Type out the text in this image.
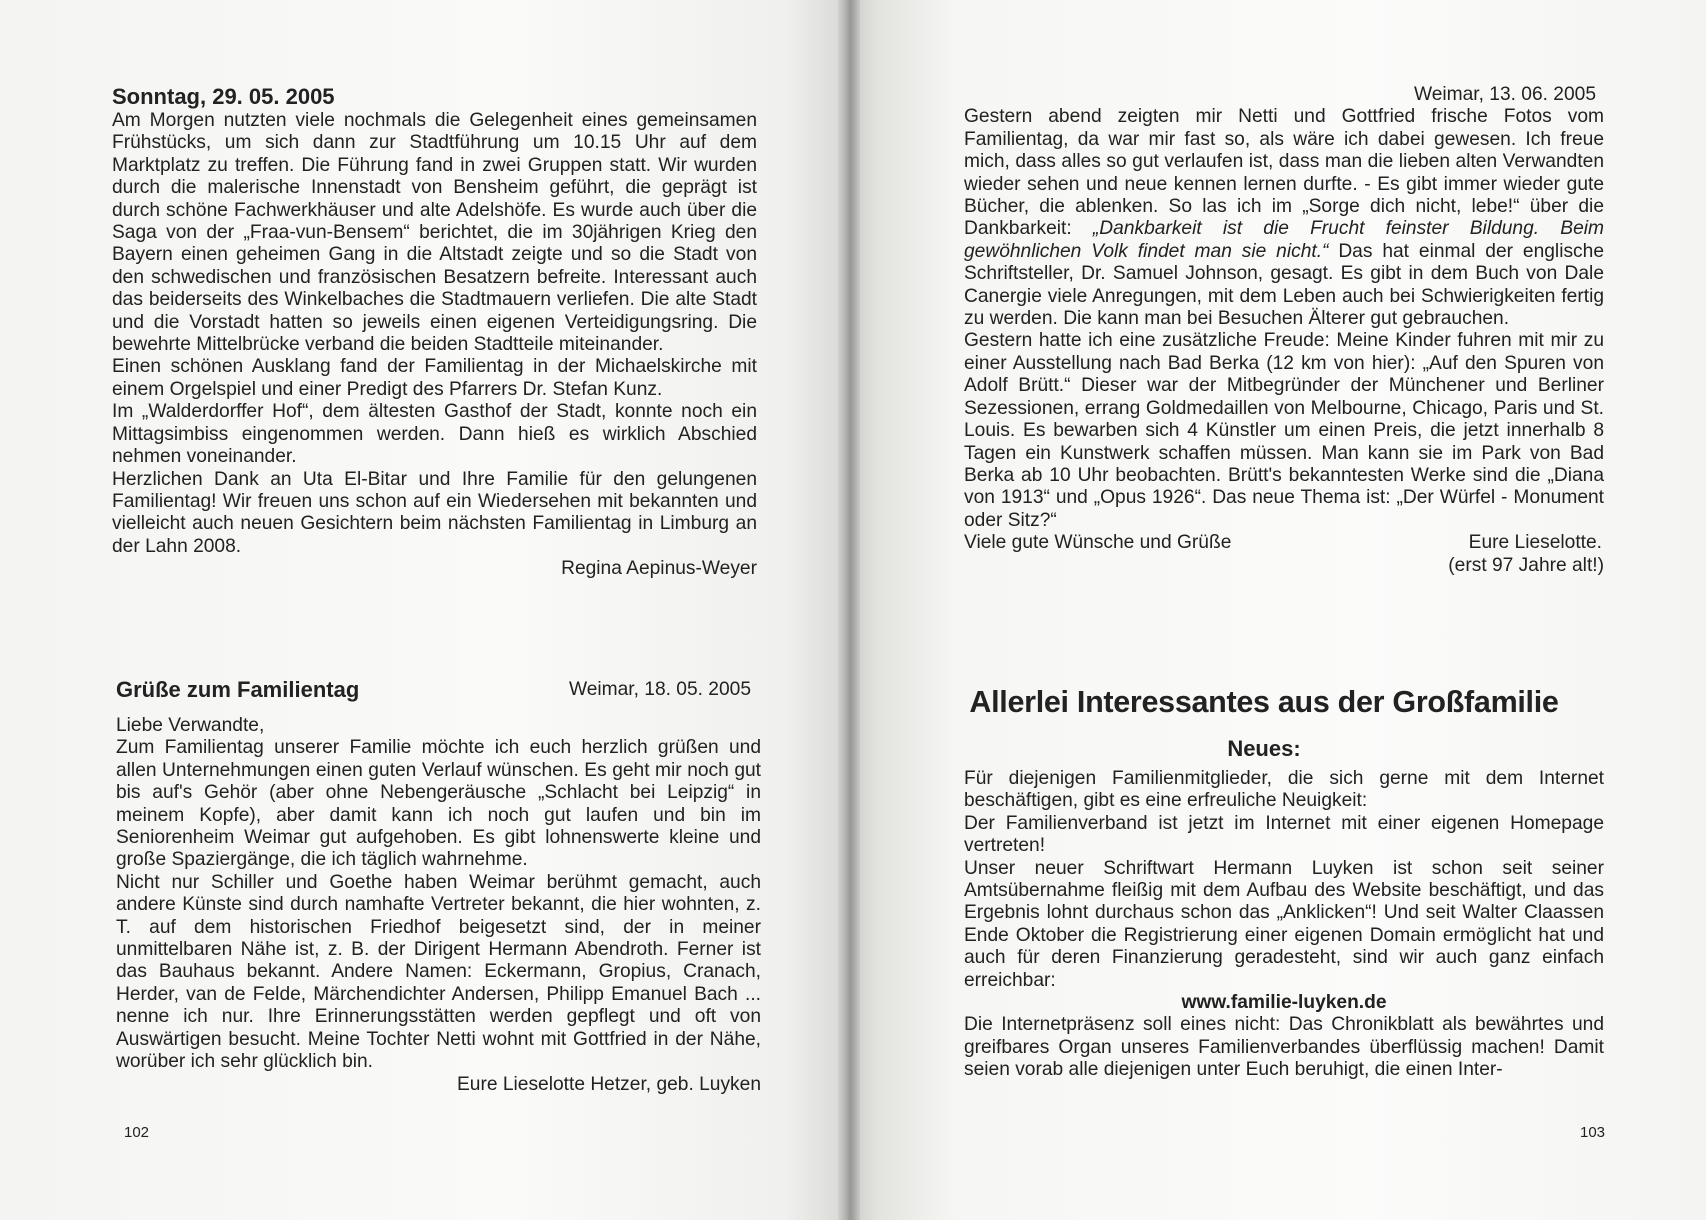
Sonntag, 29. 05. 2005

Am Morgen nutzten viele nochmals die Gelegenheit eines gemeinsamen Frühstücks, um sich dann zur Stadtführung um 10.15 Uhr auf dem Marktplatz zu treffen. Die Führung fand in zwei Gruppen statt. Wir wurden durch die malerische Innenstadt von Bensheim geführt, die geprägt ist durch schöne Fachwerkhäuser und alte Adelshöfe. Es wurde auch über die Saga von der „Fraa-vun-Bensem“ berichtet, die im 30jährigen Krieg den Bayern einen geheimen Gang in die Altstadt zeigte und so die Stadt von den schwedischen und französischen Besatzern befreite. Interessant auch das beiderseits des Winkelbaches die Stadtmauern verliefen. Die alte Stadt und die Vorstadt hatten so jeweils einen eigenen Verteidigungsring. Die bewehrte Mittelbrücke verband die beiden Stadtteile miteinander.

Einen schönen Ausklang fand der Familientag in der Michaelskirche mit einem Orgelspiel und einer Predigt des Pfarrers Dr. Stefan Kunz.

Im „Walderdorffer Hof“, dem ältesten Gasthof der Stadt, konnte noch ein Mittagsimbiss eingenommen werden. Dann hieß es wirklich Abschied nehmen voneinander.

Herzlichen Dank an Uta El-Bitar und Ihre Familie für den gelungenen Familientag! Wir freuen uns schon auf ein Wiedersehen mit bekannten und vielleicht auch neuen Gesichtern beim nächsten Familientag in Limburg an der Lahn 2008.

Regina Aepinus-Weyer

Grüße zum Familientag	Weimar, 18. 05. 2005

Liebe Verwandte,

Zum Familientag unserer Familie möchte ich euch herzlich grüßen und allen Unternehmungen einen guten Verlauf wünschen. Es geht mir noch gut bis auf's Gehör (aber ohne Nebengeräusche „Schlacht bei Leipzig“ in meinem Kopfe), aber damit kann ich noch gut laufen und bin im Seniorenheim Weimar gut aufgehoben. Es gibt lohnenswerte kleine und große Spaziergänge, die ich täglich wahrnehme.

Nicht nur Schiller und Goethe haben Weimar berühmt gemacht, auch andere Künste sind durch namhafte Vertreter bekannt, die hier wohnten, z. T. auf dem historischen Friedhof beigesetzt sind, der in meiner unmittelbaren Nähe ist, z. B. der Dirigent Hermann Abendroth. Ferner ist das Bauhaus bekannt. Andere Namen: Eckermann, Gropius, Cranach, Herder, van de Felde, Märchendichter Andersen, Philipp Emanuel Bach ... nenne ich nur. Ihre Erinnerungsstätten werden gepflegt und oft von Auswärtigen besucht. Meine Tochter Netti wohnt mit Gottfried in der Nähe, worüber ich sehr glücklich bin.

Eure Lieselotte Hetzer, geb. Luyken

102

Weimar, 13. 06. 2005

Gestern abend zeigten mir Netti und Gottfried frische Fotos vom Familientag, da war mir fast so, als wäre ich dabei gewesen. Ich freue mich, dass alles so gut verlaufen ist, dass man die lieben alten Verwandten wieder sehen und neue kennen lernen durfte. - Es gibt immer wieder gute Bücher, die ablenken. So las ich im „Sorge dich nicht, lebe!“ über die Dankbarkeit: „Dankbarkeit ist die Frucht feinster Bildung. Beim gewöhnlichen Volk findet man sie nicht.“ Das hat einmal der englische Schriftsteller, Dr. Samuel Johnson, gesagt. Es gibt in dem Buch von Dale Canergie viele Anregungen, mit dem Leben auch bei Schwierigkeiten fertig zu werden. Die kann man bei Besuchen Älterer gut gebrauchen.

Gestern hatte ich eine zusätzliche Freude: Meine Kinder fuhren mit mir zu einer Ausstellung nach Bad Berka (12 km von hier): „Auf den Spuren von Adolf Brütt.“ Dieser war der Mitbegründer der Münchener und Berliner Sezessionen, errang Goldmedaillen von Melbourne, Chicago, Paris und St. Louis. Es bewarben sich 4 Künstler um einen Preis, die jetzt innerhalb 8 Tagen ein Kunstwerk schaffen müssen. Man kann sie im Park von Bad Berka ab 10 Uhr beobachten. Brütt's bekanntesten Werke sind die „Diana von 1913“ und „Opus 1926“. Das neue Thema ist: „Der Würfel - Monument oder Sitz?“

Viele gute Wünsche und Grüße	Eure Lieselotte.

(erst 97 Jahre alt!)

Allerlei Interessantes aus der Großfamilie
Neues:

Für diejenigen Familienmitglieder, die sich gerne mit dem Internet beschäftigen, gibt es eine erfreuliche Neuigkeit:

Der Familienverband ist jetzt im Internet mit einer eigenen Homepage vertreten!

Unser neuer Schriftwart Hermann Luyken ist schon seit seiner Amtsübernahme fleißig mit dem Aufbau des Website beschäftigt, und das Ergebnis lohnt durchaus schon das „Anklicken“! Und seit Walter Claassen Ende Oktober die Registrierung einer eigenen Domain ermöglicht hat und auch für deren Finanzierung geradesteht, sind wir auch ganz einfach erreichbar:

www.familie-luyken.de

Die Internetpräsenz soll eines nicht: Das Chronikblatt als bewährtes und greifbares Organ unseres Familienverbandes überflüssig machen! Damit seien vorab alle diejenigen unter Euch beruhigt, die einen Inter-

103
